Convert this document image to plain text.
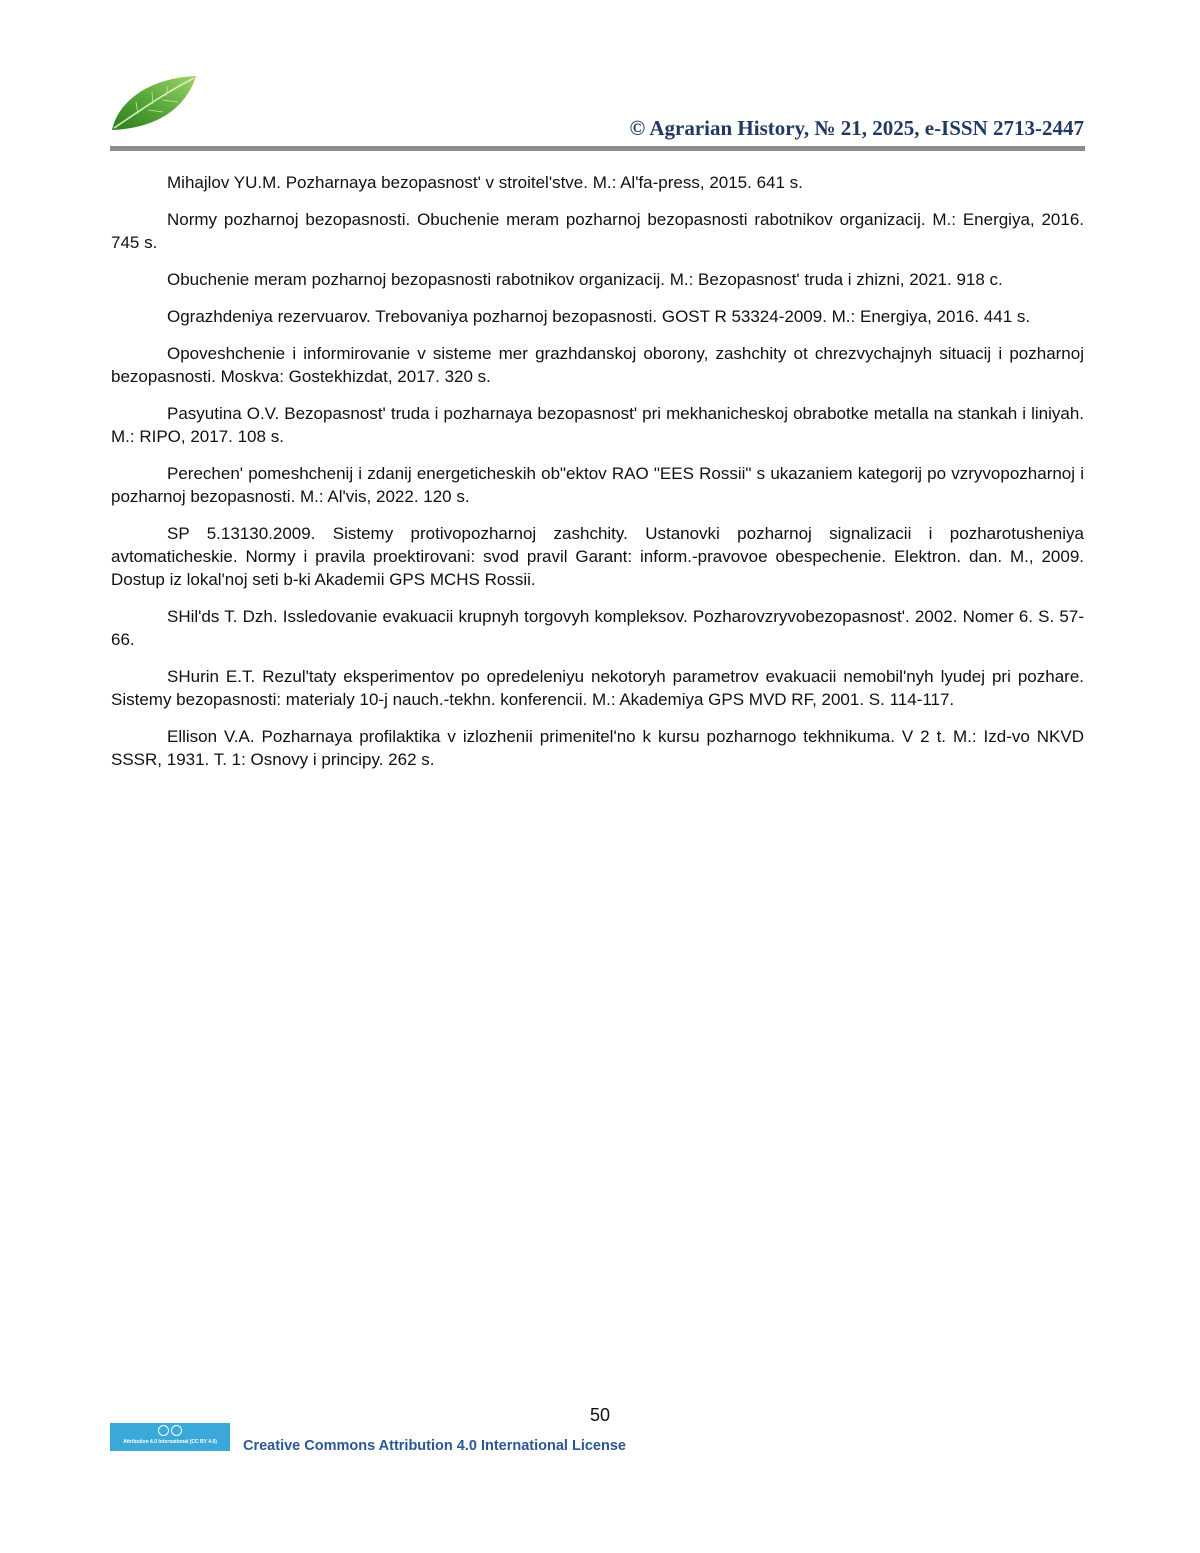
© Agrarian History, № 21, 2025, e-ISSN 2713-2447

Mihajlov YU.M. Pozharnaya bezopasnost' v stroitel'stve. M.: Al'fa-press, 2015. 641 s.

Normy pozharnoj bezopasnosti. Obuchenie meram pozharnoj bezopasnosti rabotnikov organizacij. M.: Energiya, 2016. 745 s.

Obuchenie meram pozharnoj bezopasnosti rabotnikov organizacij. M.: Bezopasnost' truda i zhizni, 2021. 918 c.

Ograzhdeniya rezervuarov. Trebovaniya pozharnoj bezopasnosti. GOST R 53324-2009. M.: Energiya, 2016. 441 s.

Opoveshchenie i informirovanie v sisteme mer grazhdanskoj oborony, zashchity ot chrezvychajnyh situacij i pozharnoj bezopasnosti. Moskva: Gostekhizdat, 2017. 320 s.

Pasyutina O.V. Bezopasnost' truda i pozharnaya bezopasnost' pri mekhanicheskoj obrabotke metalla na stankah i liniyah. M.: RIPO, 2017. 108 s.

Perechen' pomeshchenij i zdanij energeticheskih ob"ektov RAO "EES Rossii" s ukazaniem kategorij po vzryvopozharnoj i pozharnoj bezopasnosti. M.: Al'vis, 2022. 120 s.

SP 5.13130.2009. Sistemy protivopozharnoj zashchity. Ustanovki pozharnoj signalizacii i pozharotusheniya avtomaticheskie. Normy i pravila proektirovani: svod pravil Garant: inform.-pravovoe obespechenie. Elektron. dan. M., 2009. Dostup iz lokal'noj seti b-ki Akademii GPS MCHS Rossii.

SHil'ds T. Dzh. Issledovanie evakuacii krupnyh torgovyh kompleksov. Pozharovzryvobezopasnost'. 2002. Nomer 6. S. 57-66.

SHurin E.T. Rezul'taty eksperimentov po opredeleniyu nekotoryh parametrov evakuacii nemobil'nyh lyudej pri pozhare. Sistemy bezopasnosti: materialy 10-j nauch.-tekhn. konferencii. M.: Akademiya GPS MVD RF, 2001. S. 114-117.

Ellison V.A. Pozharnaya profilaktika v izlozhenii primenitel'no k kursu pozharnogo tekhnikuma. V 2 t. M.: Izd-vo NKVD SSSR, 1931. T. 1: Osnovy i principy. 262 s.

50
Attribution 4.0 International (CC BY 4.0)	Creative Commons Attribution 4.0 International License
